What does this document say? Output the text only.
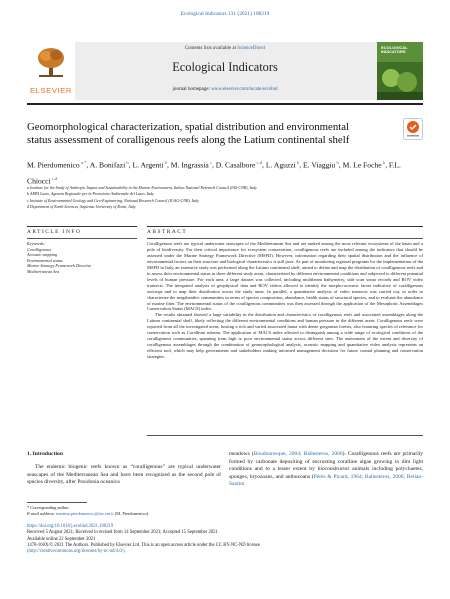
Ecological Indicators 131 (2021) 108219
ELSEVIER
Contents lists available at ScienceDirect
Ecological Indicators
journal homepage: www.elsevier.com/locate/ecolind
ECOLOGICAL INDICATORS
Geomorphological characterization, spatial distribution and environmental status assessment of coralligenous reefs along the Latium continental shelf
M. Pierdomenico $^{a,*}$, A. Bonifazi $^b$, L. Argenti $^b$, M. Ingrassia $^c$, D. Casalbore $^{c,d}$, L. Aguzzi $^b$, E. Viaggiu $^b$, M. Le Foche $^b$, F.L. Chiocci $^{c,d}$
a Institute for the Study of Anthropic Impact and Sustainability in the Marine Environment, Italian National Research Council (IAS-CNR), Italy
b ARPA Lazio, Agenzia Regionale per la Protezione Ambientale del Lazio, Italy
c Institute of Environmental Geology and Geo-Engineering, National Research Council (IGAG-CNR), Italy
d Department of Earth Sciences, Sapienza University of Rome, Italy
ARTICLE INFO	ABSTRACT
Keywords:
Coralligenous
Acoustic mapping
Environmental status
Marine Strategy Framework Directive
Mediterranean Sea

Coralligenous reefs are typical underwater seascapes of the Mediterranean Sea and are ranked among the most relevant ecosystems of the basin and a pole of biodiversity. For their critical importance for ecosystem conservation, coralligenous reefs are included among the indicators that should be assessed under the Marine Strategy Framework Directive (MSFD). However, information regarding their spatial distribution and the influence of environmental factors on their structure and biological characteristics is still poor. As part of monitoring regional programs for the implementation of the MSFD in Italy, an extensive study was performed along the Latium continental shelf, aimed to define and map the distribution of coralligenous reefs and to assess their environmental status in three different study areas, characterized by different environmental conditions and subjected to different potential levels of human pressure. For each area, a large dataset was collected, including multibeam bathymetry, side scan sonar records and ROV video transects. The integrated analysis of geophysical data and ROV videos allowed to identify the morpho-acoustic facies indicative of coralligenous outcrops and to map their distribution across the study areas. In parallel, a quantitative analysis of video transects was carried out, in order to characterize the megabenthic communities in terms of species composition, abundance, health status of structural species, and to evaluate the abundance of marine litter. The environmental status of the coralligenous communities was then assessed through the application of the Mesophotic Assemblages Conservation Status (MACS) index.

The results obtained showed a large variability in the distribution and characteristics of coralligenous reefs and associated assemblages along the Latium continental shelf, likely reflecting the different environmental conditions and human pressure in the different areas. Coralligenous reefs were reported from all the investigated areas, hosting a rich and varied associated fauna with dense gorgonian forests, also featuring species of relevance for conservation such as Corallium rubrum. The application of MACS index allowed to distinguish among a wide range of ecological conditions of the coralligenous communities, spanning from high to poor environmental status across different sites. The assessment of the extent and diversity of coralligenous assemblages through the combination of geomorphological analysis, acoustic mapping and quantitative video analysis represents an efficient tool, which may help governments and stakeholders making informed management decisions for future coastal planning and conservation strategies.

1. Introduction
The endemic biogenic reefs known as “coralligenous” are typical underwater seascapes of the Mediterranean Sea and have been recognized as the second pole of species diversity, after Posidonia oceanica
meadows (Boudouresque, 2004; Ballesteros, 2006). Coralligenous reefs are primarily formed by carbonate depositing of encrusting coralline algae growing in dim light conditions and to a lesser extent by bioconstructor animals including polychaetes, sponges, bryozoans, and anthozoans (Pérès & Picard, 1964; Ballesteros, 2006; Bellan-Santini
* Corresponding author.
E-mail address: martina.pierdomenico@ias.cnr.it (M. Pierdomenico).
https://doi.org/10.1016/j.ecolind.2021.108219
Received 5 August 2021; Received in revised form 14 September 2021; Accepted 15 September 2021
Available online 22 September 2021
1470-160X/© 2021 The Authors. Published by Elsevier Ltd. This is an open access article under the CC BY-NC-ND license
(http://creativecommons.org/licenses/by-nc-nd/4.0/).
